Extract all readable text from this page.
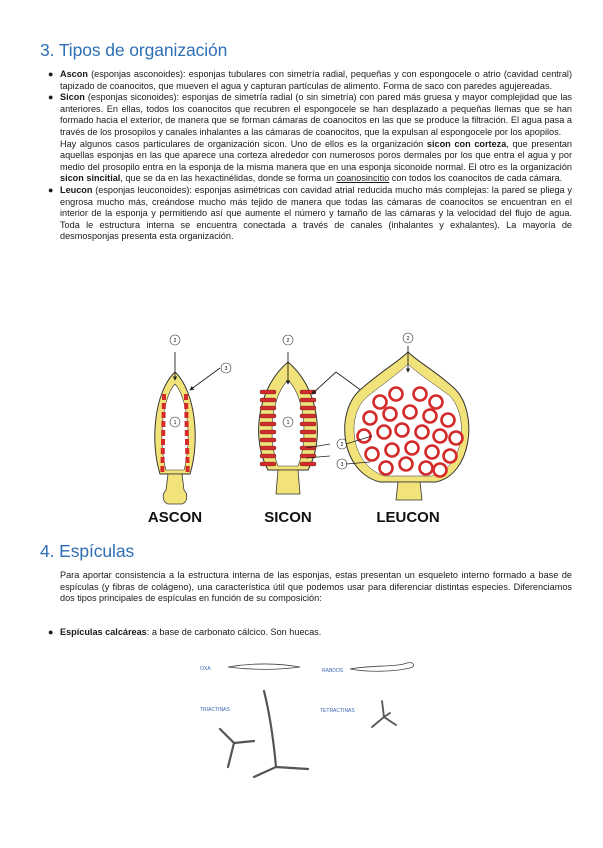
3. Tipos de organización
● Ascon (esponjas asconoides): esponjas tubulares con simetría radial, pequeñas y con espongocele o atrio (cavidad central) tapizado de coanocitos, que mueven el agua y capturan partículas de alimento. Forma de saco con paredes agujereadas.
● Sicon (esponjas siconoides): esponjas de simetría radial (o sin simetría) con pared más gruesa y mayor complejidad que las anteriores. En ellas, todos los coanocitos que recubren el espongocele se han desplazado a pequeñas llemas que se han formado hacia el exterior, de manera que se forman cámaras de coanocitos en las que se produce la filtración. El agua pasa a través de los prosopilos y canales inhalantes a las cámaras de coanocitos, que la expulsan al espongocele por los apopilos.
Hay algunos casos particulares de organización sicon. Uno de ellos es la organización sicon con corteza, que presentan aquellas esponjas en las que aparece una corteza alrededor con numerosos poros dermales por los que entra el agua y por medio del prosopilo entra en la esponja de la misma manera que en una esponja siconoide normal. El otro es la organización sicon sincitial, que se da en las hexactinélidas, donde se forma un coanosincitio con todos los coanocitos de cada cámara.
● Leucon (esponjas leuconoides): esponjas asimétricas con cavidad atrial reducida mucho más complejas: la pared se pliega y engrosa mucho más, creándose mucho más tejido de manera que todas las cámaras de coanocitos se encuentran en el interior de la esponja y permitiendo así que aumente el número y tamaño de las cámaras y la velocidad del flujo de agua. Toda le estructura interna se encuentra conectada a través de canales (inhalantes y exhalantes). La mayoría de desmosponjas presenta esta organización.
2
3
1
2
1
2
3
2
ASCON	SICON	LEUCON
4. Espículas

Para aportar consistencia a la estructura interna de las esponjas, estas presentan un esqueleto interno formado a base de espículas (y fibras de colágeno), una característica útil que podemos usar para diferenciar distintas especies. Diferenciamos dos tipos principales de espículas en función de su composición:

● Espículas calcáreas: a base de carbonato cálcico. Son huecas.
OXA	RABDOS
TRIACTINAS	TETRACTINAS
